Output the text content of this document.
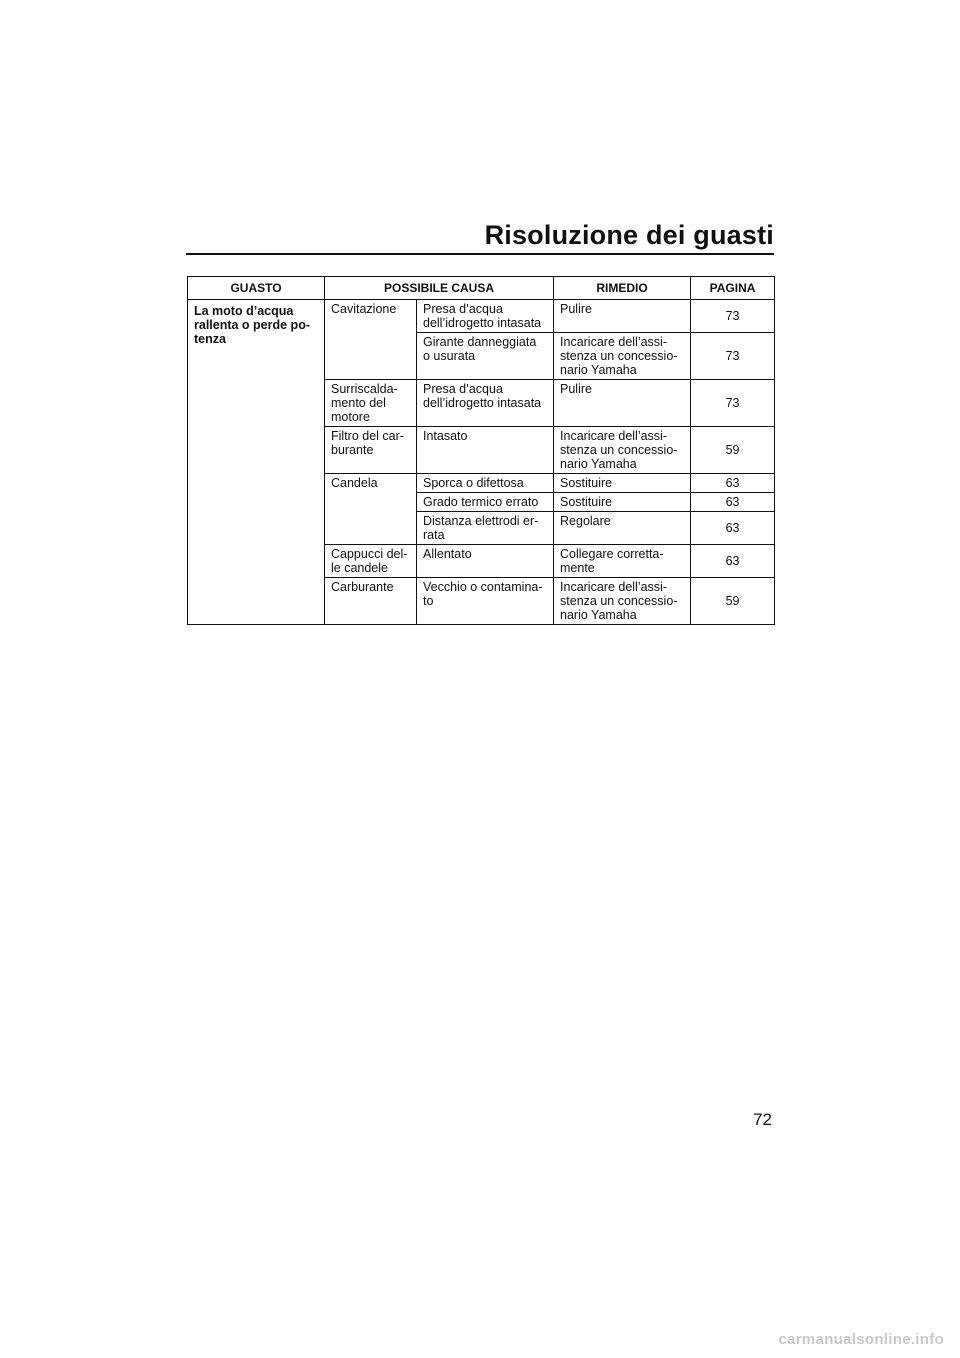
Risoluzione dei guasti
GUASTO	POSSIBILE CAUSA		RIMEDIO	PAGINA

La moto d’acqua
rallenta o perde po-
tenza	Cavitazione	Presa d’acqua
dell’idrogetto intasata	Pulire	73

		Girante danneggiata
o usurata	Incaricare dell’assi-
stenza un concessio-
nario Yamaha	73

	Surriscalda-
mento del
motore	Presa d’acqua
dell’idrogetto intasata	Pulire	73

	Filtro del car-
burante	Intasato	Incaricare dell’assi-
stenza un concessio-
nario Yamaha	59

	Candela	Sporca o difettosa	Sostituire	63

		Grado termico errato	Sostituire	63

		Distanza elettrodi er-
rata	Regolare	63

	Cappucci del-
le candele	Allentato	Collegare corretta-
mente	63

	Carburante	Vecchio o contamina-
to	Incaricare dell’assi-
stenza un concessio-
nario Yamaha	59
72
carmanualsonline.info
